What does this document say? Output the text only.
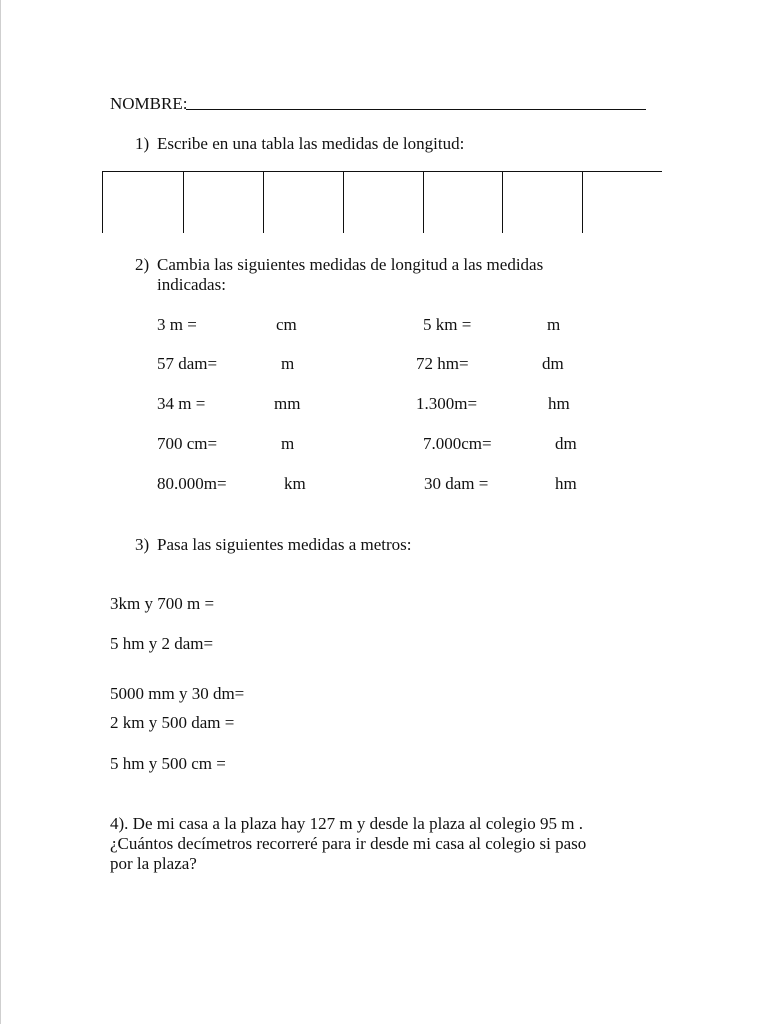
NOMBRE:
1) Escribe en una tabla las medidas de longitud:
2) Cambia las siguientes medidas de longitud a las medidas
indicadas:
3 m =	cm	5 km =	m
57 dam=	m	72 hm=	dm
34 m =	mm	1.300m=	hm
700 cm=	m	7.000cm=	dm
80.000m=	km	30 dam =	hm
3) Pasa las siguientes medidas a metros:
3km y 700 m =
5 hm y 2 dam=
5000 mm y 30 dm=
2 km y 500 dam =
5 hm y 500 cm =
4). De mi casa a la plaza hay 127 m y desde la plaza al colegio 95 m .
¿Cuántos decímetros recorreré para ir desde mi casa al colegio si paso
por la plaza?
